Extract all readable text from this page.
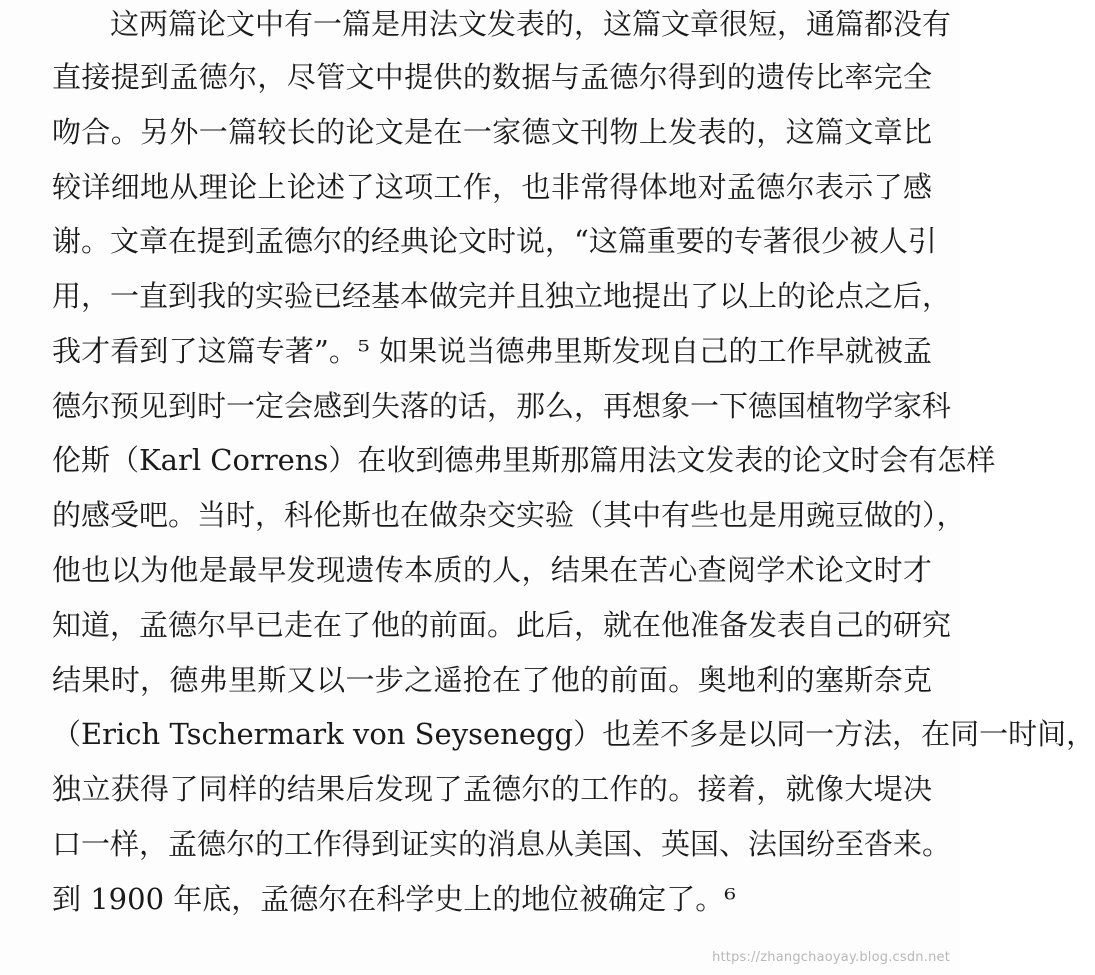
这两篇论文中有一篇是用法文发表的，这篇文章很短，通篇都没有
直接提到孟德尔，尽管文中提供的数据与孟德尔得到的遗传比率完全
吻合。另外一篇较长的论文是在一家德文刊物上发表的，这篇文章比
较详细地从理论上论述了这项工作，也非常得体地对孟德尔表示了感
谢。文章在提到孟德尔的经典论文时说，“这篇重要的专著很少被人引
用，一直到我的实验已经基本做完并且独立地提出了以上的论点之后，
我才看到了这篇专著”。⁵ 如果说当德弗里斯发现自己的工作早就被孟
德尔预见到时一定会感到失落的话，那么，再想象一下德国植物学家科
伦斯（Karl Correns）在收到德弗里斯那篇用法文发表的论文时会有怎样
的感受吧。当时，科伦斯也在做杂交实验（其中有些也是用豌豆做的），
他也以为他是最早发现遗传本质的人，结果在苦心查阅学术论文时才
知道，孟德尔早已走在了他的前面。此后，就在他准备发表自己的研究
结果时，德弗里斯又以一步之遥抢在了他的前面。奥地利的塞斯奈克
（Erich Tschermark von Seysenegg）也差不多是以同一方法，在同一时间，
独立获得了同样的结果后发现了孟德尔的工作的。接着，就像大堤决
口一样，孟德尔的工作得到证实的消息从美国、英国、法国纷至沓来。
到 1900 年底，孟德尔在科学史上的地位被确定了。⁶
https://zhangchaoyay.blog.csdn.net
